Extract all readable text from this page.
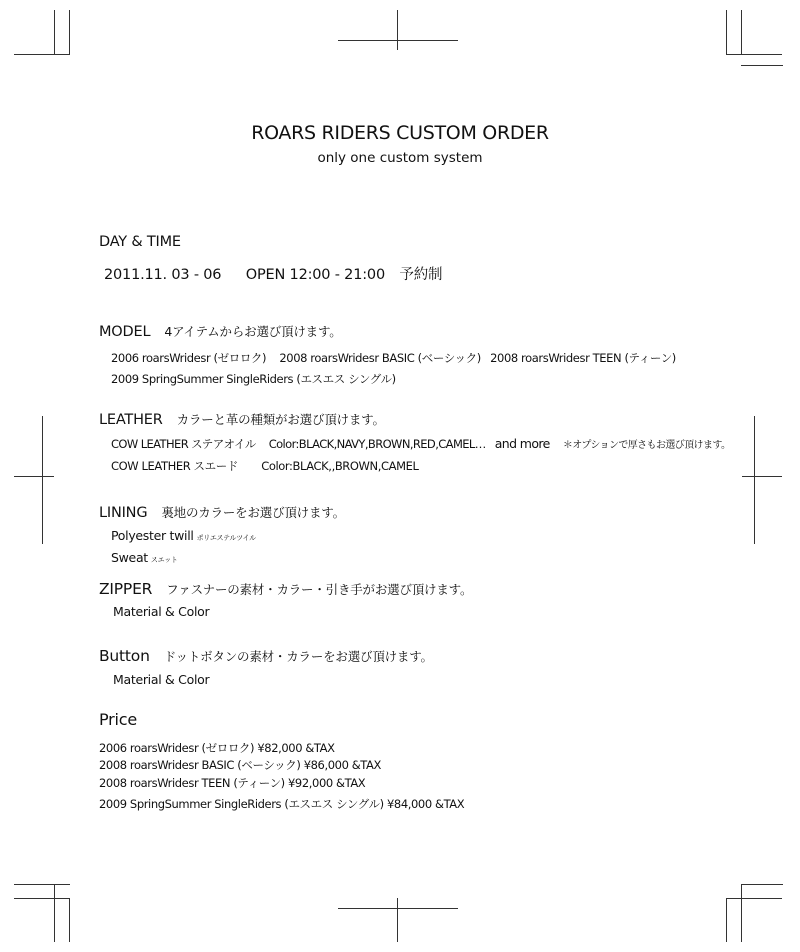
ROARS RIDERS CUSTOM ORDER
only one custom system
DAY & TIME
2011.11. 03 - 06 OPEN 12:00 - 21:00 予約制
MODEL 4アイテムからお選び頂けます。
2006 roarsWridesr (ゼロロク) 2008 roarsWridesr BASIC (ベーシック) 2008 roarsWridesr TEEN (ティーン)
2009 SpringSummer SingleRiders (エスエス シングル)
LEATHER カラーと革の種類がお選び頂けます。
COW LEATHER ステアオイル Color:BLACK,NAVY,BROWN,RED,CAMEL… and more ＊オプションで厚さもお選び頂けます。
COW LEATHER スエード Color:BLACK,,BROWN,CAMEL
LINING 裏地のカラーをお選び頂けます。
Polyester twill ポリエステルツイル
Sweat スエット
ZIPPER ファスナーの素材・カラー・引き手がお選び頂けます。
Material & Color
Button ドットボタンの素材・カラーをお選び頂けます。
Material & Color
Price
2006 roarsWridesr (ゼロロク) ¥82,000 &TAX
2008 roarsWridesr BASIC (ベーシック) ¥86,000 &TAX
2008 roarsWridesr TEEN (ティーン) ¥92,000 &TAX
2009 SpringSummer SingleRiders (エスエス シングル) ¥84,000 &TAX
